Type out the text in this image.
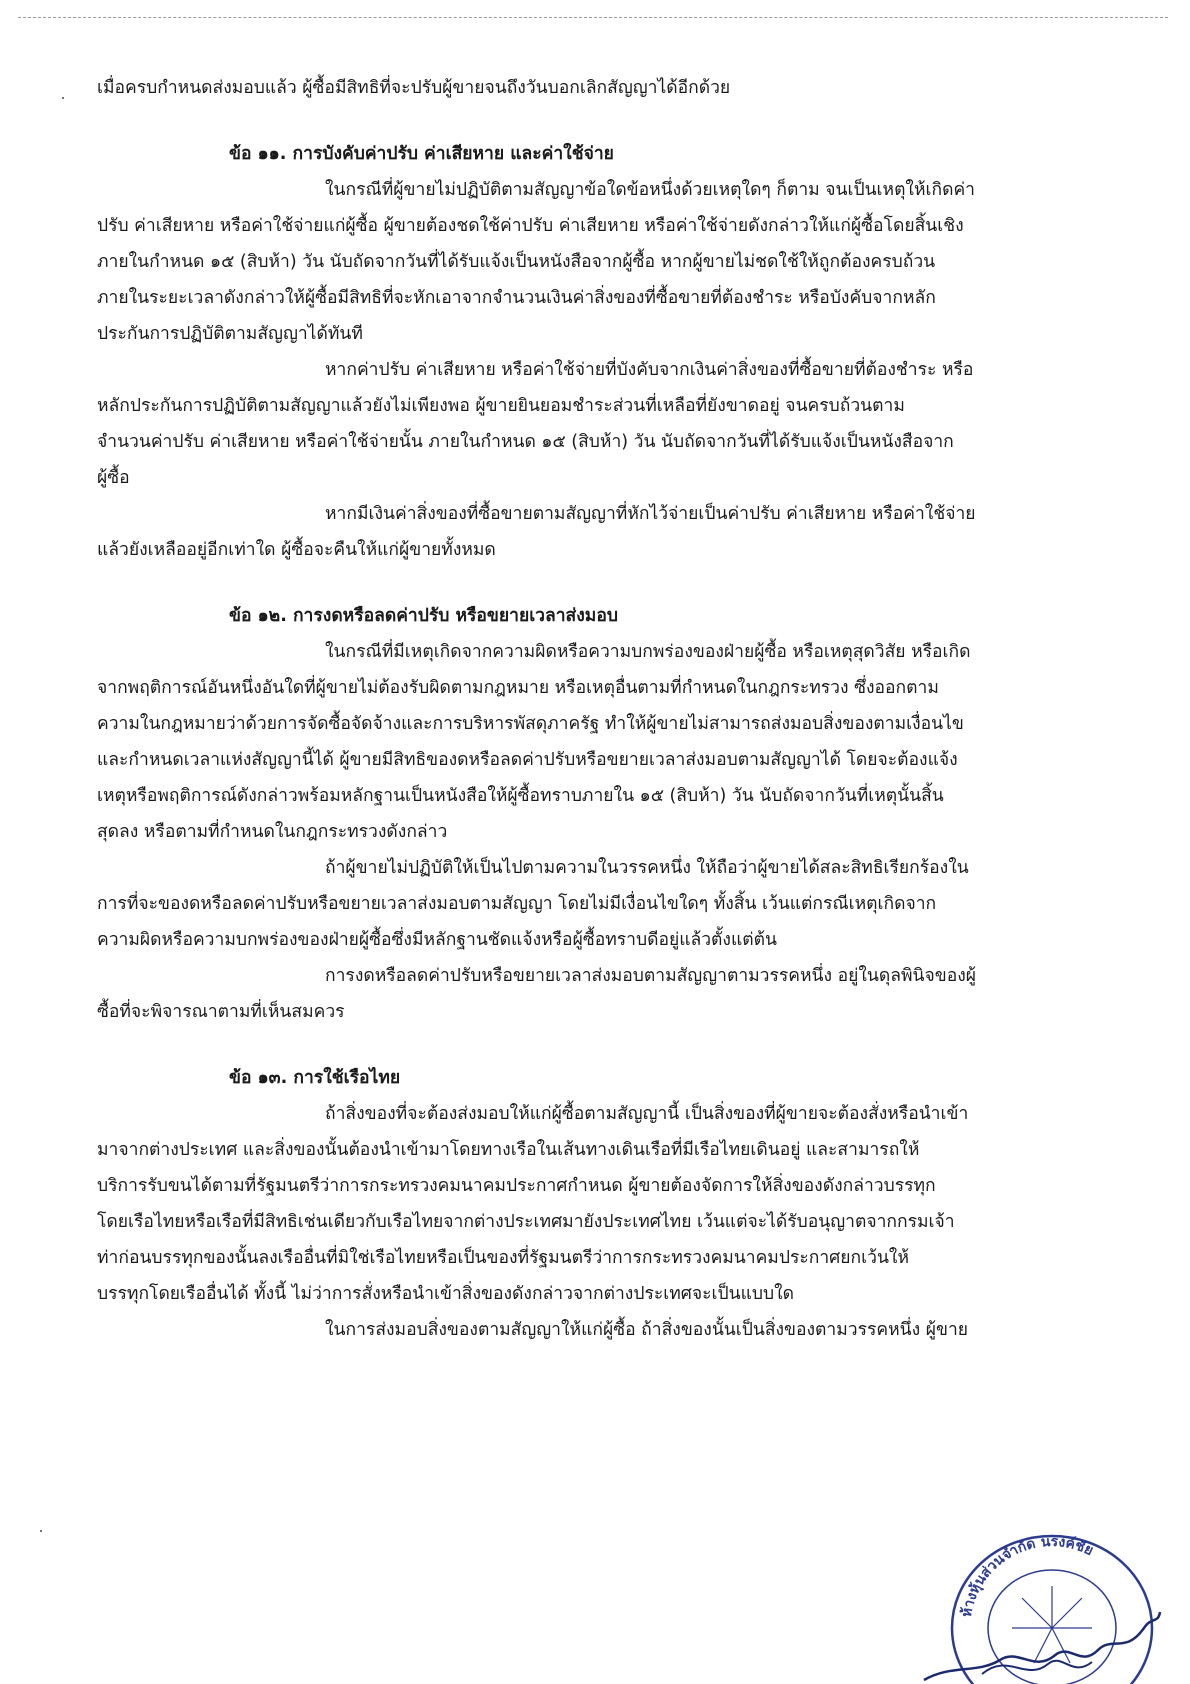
เมื่อครบกำหนดส่งมอบแล้ว ผู้ซื้อมีสิทธิที่จะปรับผู้ขายจนถึงวันบอกเลิกสัญญาได้อีกด้วย
ข้อ ๑๑. การบังคับค่าปรับ ค่าเสียหาย และค่าใช้จ่าย
ในกรณีที่ผู้ขายไม่ปฏิบัติตามสัญญาข้อใดข้อหนึ่งด้วยเหตุใดๆ ก็ตาม จนเป็นเหตุให้เกิดค่า
ปรับ ค่าเสียหาย หรือค่าใช้จ่ายแก่ผู้ซื้อ ผู้ขายต้องชดใช้ค่าปรับ ค่าเสียหาย หรือค่าใช้จ่ายดังกล่าวให้แก่ผู้ซื้อโดยสิ้นเชิง
ภายในกำหนด ๑๕ (สิบห้า) วัน นับถัดจากวันที่ได้รับแจ้งเป็นหนังสือจากผู้ซื้อ หากผู้ขายไม่ชดใช้ให้ถูกต้องครบถ้วน
ภายในระยะเวลาดังกล่าวให้ผู้ซื้อมีสิทธิที่จะหักเอาจากจำนวนเงินค่าสิ่งของที่ซื้อขายที่ต้องชำระ หรือบังคับจากหลัก
ประกันการปฏิบัติตามสัญญาได้ทันที
หากค่าปรับ ค่าเสียหาย หรือค่าใช้จ่ายที่บังคับจากเงินค่าสิ่งของที่ซื้อขายที่ต้องชำระ หรือ
หลักประกันการปฏิบัติตามสัญญาแล้วยังไม่เพียงพอ ผู้ขายยินยอมชำระส่วนที่เหลือที่ยังขาดอยู่ จนครบถ้วนตาม
จำนวนค่าปรับ ค่าเสียหาย หรือค่าใช้จ่ายนั้น ภายในกำหนด ๑๕ (สิบห้า) วัน นับถัดจากวันที่ได้รับแจ้งเป็นหนังสือจาก
ผู้ซื้อ
หากมีเงินค่าสิ่งของที่ซื้อขายตามสัญญาที่หักไว้จ่ายเป็นค่าปรับ ค่าเสียหาย หรือค่าใช้จ่าย
แล้วยังเหลืออยู่อีกเท่าใด ผู้ซื้อจะคืนให้แก่ผู้ขายทั้งหมด
ข้อ ๑๒. การงดหรือลดค่าปรับ หรือขยายเวลาส่งมอบ
ในกรณีที่มีเหตุเกิดจากความผิดหรือความบกพร่องของฝ่ายผู้ซื้อ หรือเหตุสุดวิสัย หรือเกิด
จากพฤติการณ์อันหนึ่งอันใดที่ผู้ขายไม่ต้องรับผิดตามกฎหมาย หรือเหตุอื่นตามที่กำหนดในกฎกระทรวง ซึ่งออกตาม
ความในกฎหมายว่าด้วยการจัดซื้อจัดจ้างและการบริหารพัสดุภาครัฐ ทำให้ผู้ขายไม่สามารถส่งมอบสิ่งของตามเงื่อนไข
และกำหนดเวลาแห่งสัญญานี้ได้ ผู้ขายมีสิทธิของดหรือลดค่าปรับหรือขยายเวลาส่งมอบตามสัญญาได้ โดยจะต้องแจ้ง
เหตุหรือพฤติการณ์ดังกล่าวพร้อมหลักฐานเป็นหนังสือให้ผู้ซื้อทราบภายใน ๑๕ (สิบห้า) วัน นับถัดจากวันที่เหตุนั้นสิ้น
สุดลง หรือตามที่กำหนดในกฎกระทรวงดังกล่าว
ถ้าผู้ขายไม่ปฏิบัติให้เป็นไปตามความในวรรคหนึ่ง ให้ถือว่าผู้ขายได้สละสิทธิเรียกร้องใน
การที่จะของดหรือลดค่าปรับหรือขยายเวลาส่งมอบตามสัญญา โดยไม่มีเงื่อนไขใดๆ ทั้งสิ้น เว้นแต่กรณีเหตุเกิดจาก
ความผิดหรือความบกพร่องของฝ่ายผู้ซื้อซึ่งมีหลักฐานชัดแจ้งหรือผู้ซื้อทราบดีอยู่แล้วตั้งแต่ต้น
การงดหรือลดค่าปรับหรือขยายเวลาส่งมอบตามสัญญาตามวรรคหนึ่ง อยู่ในดุลพินิจของผู้
ซื้อที่จะพิจารณาตามที่เห็นสมควร
ข้อ ๑๓. การใช้เรือไทย
ถ้าสิ่งของที่จะต้องส่งมอบให้แก่ผู้ซื้อตามสัญญานี้ เป็นสิ่งของที่ผู้ขายจะต้องสั่งหรือนำเข้า
มาจากต่างประเทศ และสิ่งของนั้นต้องนำเข้ามาโดยทางเรือในเส้นทางเดินเรือที่มีเรือไทยเดินอยู่ และสามารถให้
บริการรับขนได้ตามที่รัฐมนตรีว่าการกระทรวงคมนาคมประกาศกำหนด ผู้ขายต้องจัดการให้สิ่งของดังกล่าวบรรทุก
โดยเรือไทยหรือเรือที่มีสิทธิเช่นเดียวกับเรือไทยจากต่างประเทศมายังประเทศไทย เว้นแต่จะได้รับอนุญาตจากกรมเจ้า
ท่าก่อนบรรทุกของนั้นลงเรืออื่นที่มิใช่เรือไทยหรือเป็นของที่รัฐมนตรีว่าการกระทรวงคมนาคมประกาศยกเว้นให้
บรรทุกโดยเรืออื่นได้ ทั้งนี้ ไม่ว่าการสั่งหรือนำเข้าสิ่งของดังกล่าวจากต่างประเทศจะเป็นแบบใด
ในการส่งมอบสิ่งของตามสัญญาให้แก่ผู้ซื้อ ถ้าสิ่งของนั้นเป็นสิ่งของตามวรรคหนึ่ง ผู้ขาย
ห้างหุ้นส่วนจำกัด นรงค์ชัย
